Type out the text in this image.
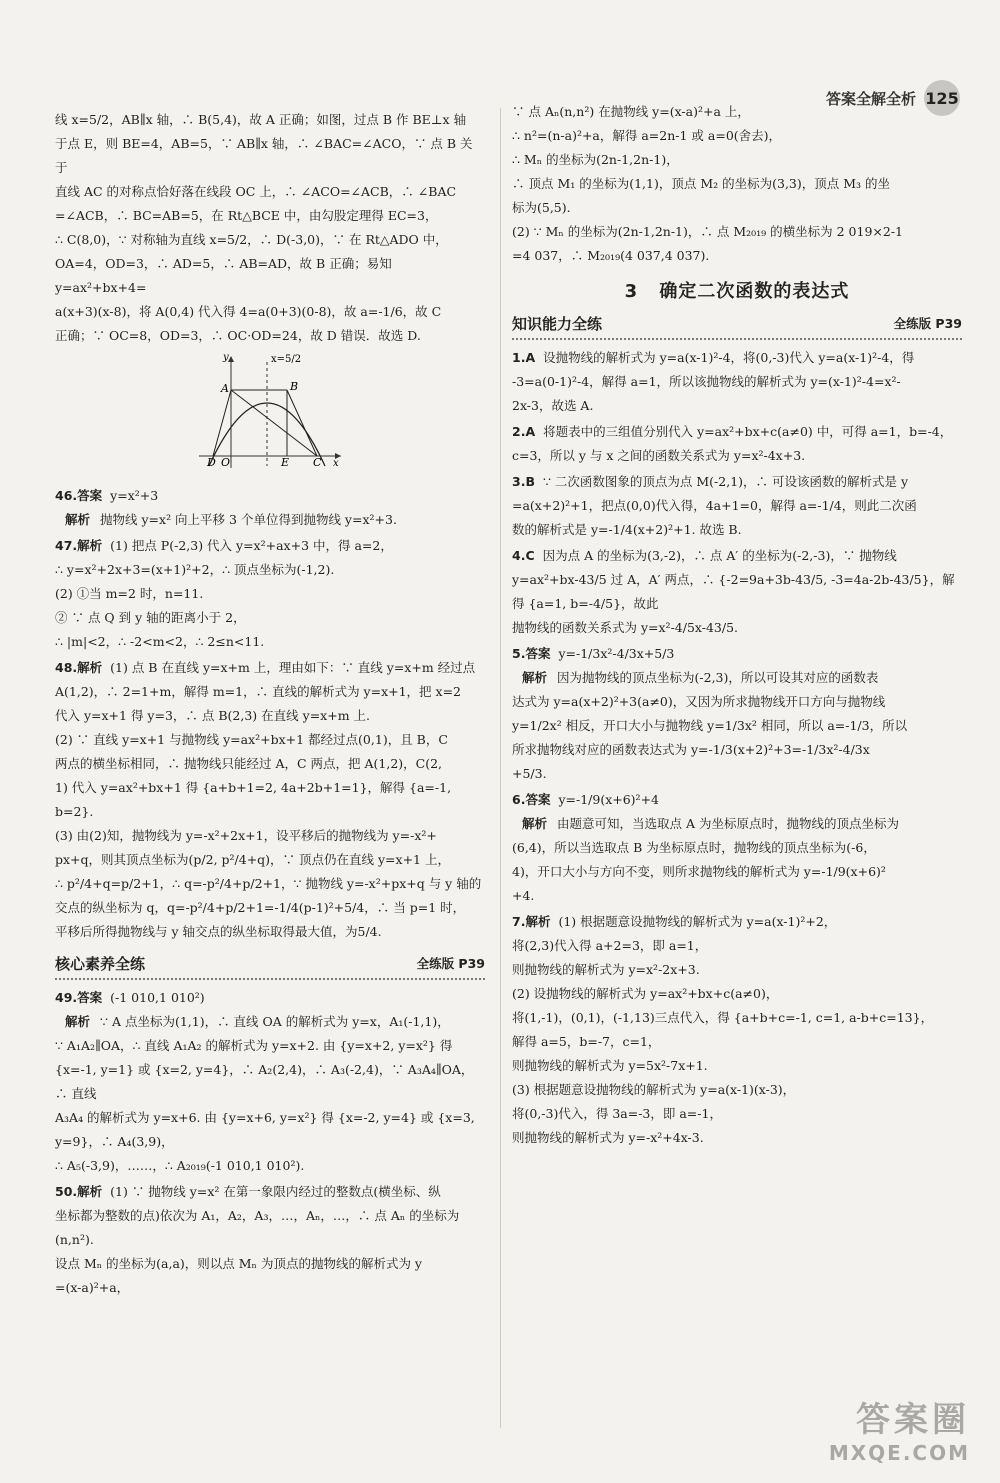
答案全解全析 125
线 x=5/2，AB∥x 轴，∴ B(5,4)，故 A 正确；如图，过点 B 作 BE⊥x 轴
于点 E，则 BE=4，AB=5，∵ AB∥x 轴，∴ ∠BAC=∠ACO，∵ 点 B 关于
直线 AC 的对称点恰好落在线段 OC 上，∴ ∠ACO=∠ACB，∴ ∠BAC
=∠ACB，∴ BC=AB=5，在 Rt△BCE 中，由勾股定理得 EC=3，
∴ C(8,0)，∵ 对称轴为直线 x=5/2，∴ D(-3,0)，∵ 在 Rt△ADO 中，
OA=4，OD=3，∴ AD=5，∴ AB=AD，故 B 正确；易知 y=ax²+bx+4=
a(x+3)(x-8)，将 A(0,4) 代入得 4=a(0+3)(0-8)，故 a=-1/6，故 C
正确；∵ OC=8，OD=3，∴ OC·OD=24，故 D 错误．故选 D.
y	x=5/2
A	B
D O	E C x
46.答案 y=x²+3
解析 抛物线 y=x² 向上平移 3 个单位得到抛物线 y=x²+3.
47.解析 (1) 把点 P(-2,3) 代入 y=x²+ax+3 中，得 a=2，
∴ y=x²+2x+3=(x+1)²+2，∴ 顶点坐标为(-1,2).
(2) ①当 m=2 时，n=11.
② ∵ 点 Q 到 y 轴的距离小于 2，
∴ |m|<2，∴ -2<m<2，∴ 2≤n<11.
48.解析 (1) 点 B 在直线 y=x+m 上，理由如下：∵ 直线 y=x+m 经过点
A(1,2)，∴ 2=1+m，解得 m=1，∴ 直线的解析式为 y=x+1，把 x=2
代入 y=x+1 得 y=3，∴ 点 B(2,3) 在直线 y=x+m 上.
(2) ∵ 直线 y=x+1 与抛物线 y=ax²+bx+1 都经过点(0,1)，且 B，C
两点的横坐标相同，∴ 抛物线只能经过 A，C 两点，把 A(1,2)，C(2,
1) 代入 y=ax²+bx+1 得 {a+b+1=2, 4a+2b+1=1}，解得 {a=-1, b=2}.
(3) 由(2)知，抛物线为 y=-x²+2x+1，设平移后的抛物线为 y=-x²+
px+q，则其顶点坐标为(p/2, p²/4+q)，∵ 顶点仍在直线 y=x+1 上，
∴ p²/4+q=p/2+1，∴ q=-p²/4+p/2+1，∵ 抛物线 y=-x²+px+q 与 y 轴的
交点的纵坐标为 q，q=-p²/4+p/2+1=-1/4(p-1)²+5/4，∴ 当 p=1 时，
平移后所得抛物线与 y 轴交点的纵坐标取得最大值，为5/4.
核心素养全练	全练版 P39
49.答案 (-1 010,1 010²)
解析 ∵ A 点坐标为(1,1)，∴ 直线 OA 的解析式为 y=x，A₁(-1,1)，
∵ A₁A₂∥OA，∴ 直线 A₁A₂ 的解析式为 y=x+2. 由 {y=x+2, y=x²} 得
{x=-1, y=1} 或 {x=2, y=4}，∴ A₂(2,4)，∴ A₃(-2,4)，∵ A₃A₄∥OA，∴ 直线
A₃A₄ 的解析式为 y=x+6. 由 {y=x+6, y=x²} 得 {x=-2, y=4} 或 {x=3, y=9}，∴ A₄(3,9)，
∴ A₅(-3,9)，……，∴ A₂₀₁₉(-1 010,1 010²).
50.解析 (1) ∵ 抛物线 y=x² 在第一象限内经过的整数点(横坐标、纵
坐标都为整数的点)依次为 A₁，A₂，A₃，…，Aₙ，…，∴ 点 Aₙ 的坐标为
(n,n²).
设点 Mₙ 的坐标为(a,a)，则以点 Mₙ 为顶点的抛物线的解析式为 y
=(x-a)²+a，
∵ 点 Aₙ(n,n²) 在抛物线 y=(x-a)²+a 上，
∴ n²=(n-a)²+a，解得 a=2n-1 或 a=0(舍去)，
∴ Mₙ 的坐标为(2n-1,2n-1)，
∴ 顶点 M₁ 的坐标为(1,1)，顶点 M₂ 的坐标为(3,3)，顶点 M₃ 的坐
标为(5,5).
(2) ∵ Mₙ 的坐标为(2n-1,2n-1)，∴ 点 M₂₀₁₉ 的横坐标为 2 019×2-1
=4 037，∴ M₂₀₁₉(4 037,4 037).
3 确定二次函数的表达式
知识能力全练	全练版 P39
1.A 设抛物线的解析式为 y=a(x-1)²-4，将(0,-3)代入 y=a(x-1)²-4，得
-3=a(0-1)²-4，解得 a=1，所以该抛物线的解析式为 y=(x-1)²-4=x²-
2x-3，故选 A.
2.A 将题表中的三组值分别代入 y=ax²+bx+c(a≠0) 中，可得 a=1，b=-4，
c=3，所以 y 与 x 之间的函数关系式为 y=x²-4x+3.
3.B ∵ 二次函数图象的顶点为点 M(-2,1)，∴ 可设该函数的解析式是 y
=a(x+2)²+1，把点(0,0)代入得，4a+1=0，解得 a=-1/4，则此二次函
数的解析式是 y=-1/4(x+2)²+1. 故选 B.
4.C 因为点 A 的坐标为(3,-2)，∴ 点 A′ 的坐标为(-2,-3)，∵ 抛物线
y=ax²+bx-43/5 过 A，A′ 两点，∴ {-2=9a+3b-43/5, -3=4a-2b-43/5}，解得 {a=1, b=-4/5}，故此
抛物线的函数关系式为 y=x²-4/5x-43/5.
5.答案 y=-1/3x²-4/3x+5/3
解析 因为抛物线的顶点坐标为(-2,3)，所以可设其对应的函数表
达式为 y=a(x+2)²+3(a≠0)，又因为所求抛物线开口方向与抛物线
y=1/2x² 相反，开口大小与抛物线 y=1/3x² 相同，所以 a=-1/3，所以
所求抛物线对应的函数表达式为 y=-1/3(x+2)²+3=-1/3x²-4/3x
+5/3.
6.答案 y=-1/9(x+6)²+4
解析 由题意可知，当选取点 A 为坐标原点时，抛物线的顶点坐标为
(6,4)，所以当选取点 B 为坐标原点时，抛物线的顶点坐标为(-6，
4)，开口大小与方向不变，则所求抛物线的解析式为 y=-1/9(x+6)²
+4.
7.解析 (1) 根据题意设抛物线的解析式为 y=a(x-1)²+2，
将(2,3)代入得 a+2=3，即 a=1，
则抛物线的解析式为 y=x²-2x+3.
(2) 设抛物线的解析式为 y=ax²+bx+c(a≠0)，
将(1,-1)，(0,1)，(-1,13)三点代入，得 {a+b+c=-1, c=1, a-b+c=13}，
解得 a=5，b=-7，c=1，
则抛物线的解析式为 y=5x²-7x+1.
(3) 根据题意设抛物线的解析式为 y=a(x-1)(x-3)，
将(0,-3)代入，得 3a=-3，即 a=-1，
则抛物线的解析式为 y=-x²+4x-3.
答案圈
MXQE.COM
